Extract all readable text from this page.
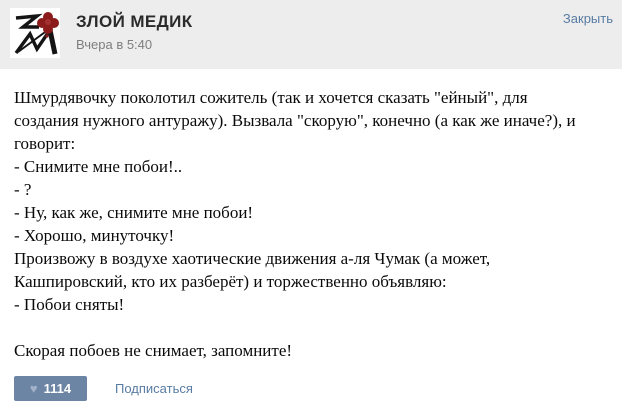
ЗЛОЙ МЕДИК
Вчера в 5:40
Закрыть
Шмурдявочку поколотил сожитель (так и хочется сказать "ейный", для
создания нужного антуражу). Вызвала "скорую", конечно (а как же иначе?), и
говорит:
- Снимите мне побои!..
- ?
- Ну, как же, снимите мне побои!
- Хорошо, минуточку!
Произвожу в воздухе хаотические движения а-ля Чумак (а может,
Кашпировский, кто их разберёт) и торжественно объявляю:
- Побои сняты!

Скорая побоев не снимает, запомните!
♥ 1114	Подписаться
